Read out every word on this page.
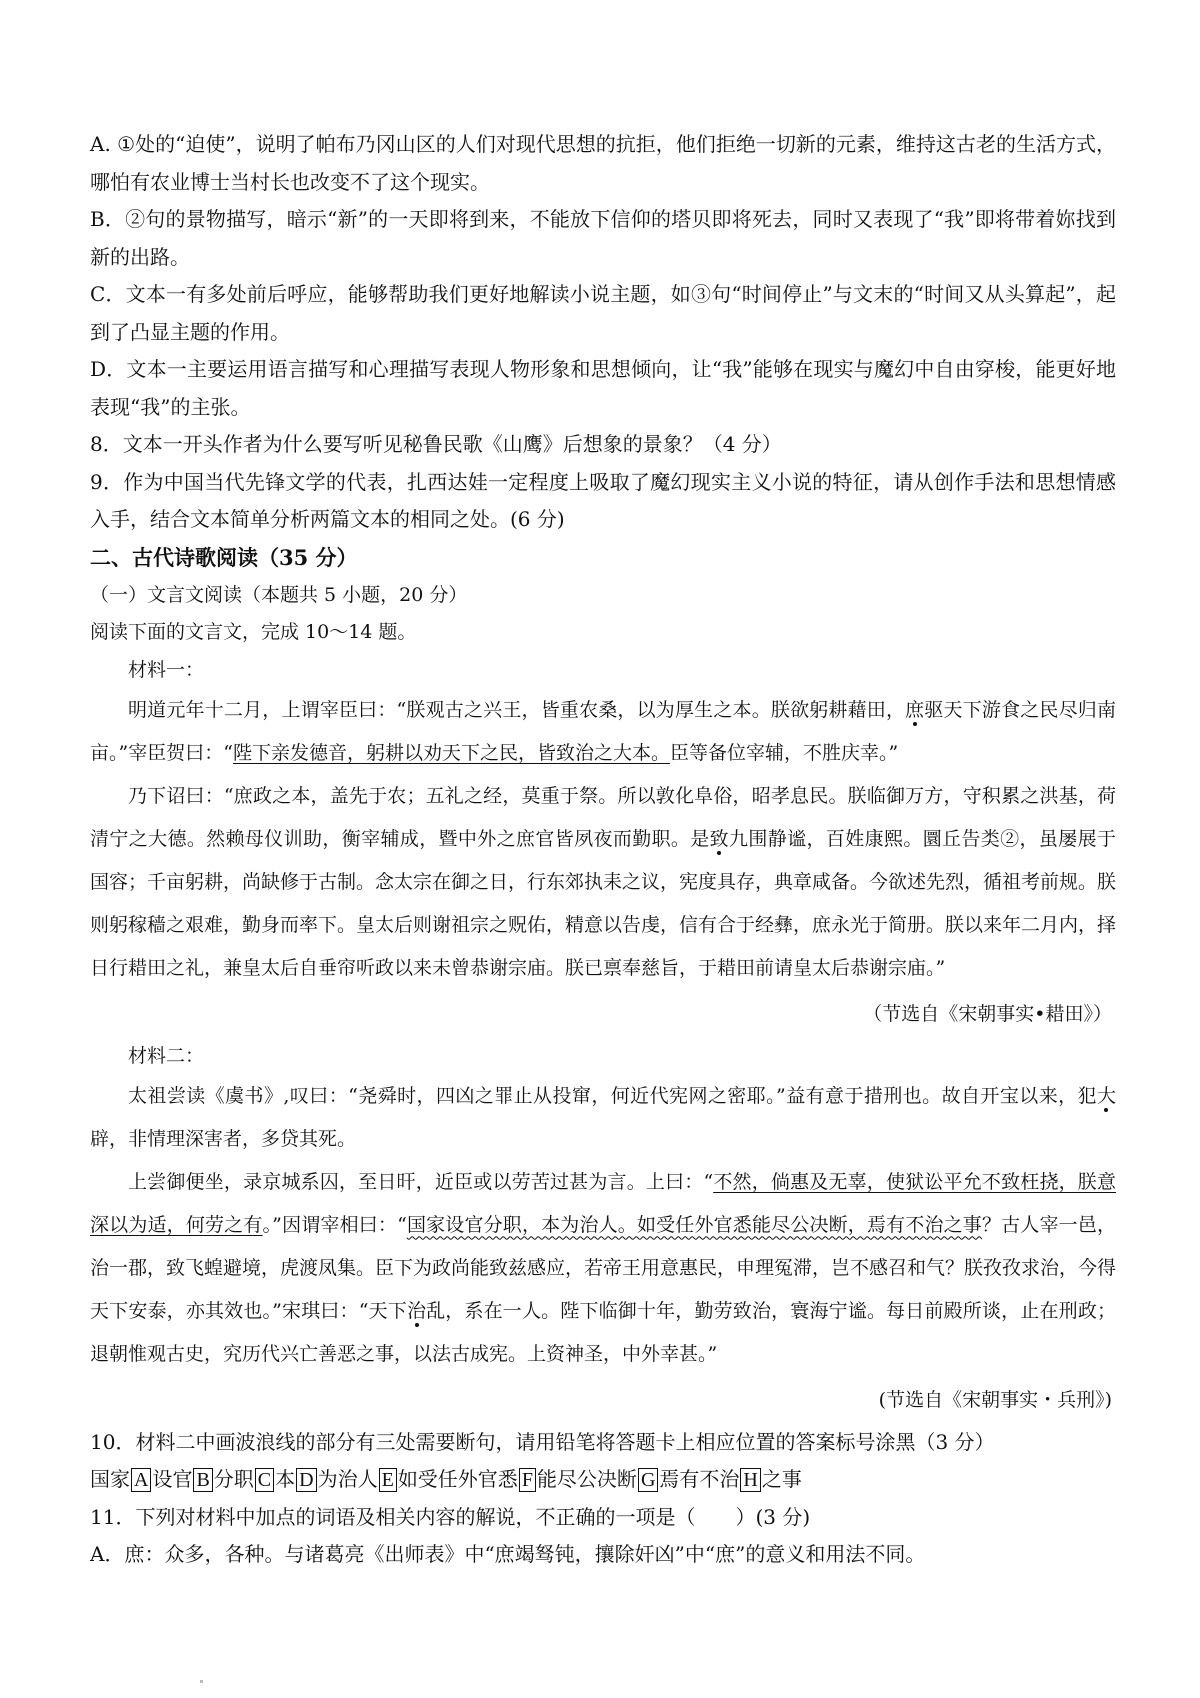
A. ①处的“迫使”，说明了帕布乃冈山区的人们对现代思想的抗拒，他们拒绝一切新的元素，维持这古老的生活方式，哪怕有农业博士当村长也改变不了这个现实。

B．②句的景物描写，暗示“新”的一天即将到来，不能放下信仰的塔贝即将死去，同时又表现了“我”即将带着妳找到新的出路。

C．文本一有多处前后呼应，能够帮助我们更好地解读小说主题，如③句“时间停止”与文末的“时间又从头算起”，起到了凸显主题的作用。

D．文本一主要运用语言描写和心理描写表现人物形象和思想倾向，让“我”能够在现实与魔幻中自由穿梭，能更好地表现“我”的主张。

8．文本一开头作者为什么要写听见秘鲁民歌《山鹰》后想象的景象？（4 分）

9．作为中国当代先锋文学的代表，扎西达娃一定程度上吸取了魔幻现实主义小说的特征，请从创作手法和思想情感入手，结合文本简单分析两篇文本的相同之处。(6 分)

二、古代诗歌阅读（35 分）

（一）文言文阅读（本题共 5 小题，20 分）

阅读下面的文言文，完成 10～14 题。

材料一：

明道元年十二月，上谓宰臣曰：“朕观古之兴王，皆重农桑，以为厚生之本。朕欲躬耕藉田，庶驱天下游食之民尽归南亩。”宰臣贺曰：“陛下亲发德音，躬耕以劝天下之民，皆致治之大本。臣等备位宰辅，不胜庆幸。”

乃下诏曰：“庶政之本，盖先于农；五礼之经，莫重于祭。所以敦化阜俗，昭孝息民。朕临御万方，守积累之洪基，荷清宁之大德。然赖母仪训助，衡宰辅成，暨中外之庶官皆夙夜而勤职。是致九围静谧，百姓康熙。圜丘告类②，虽屡展于国容；千亩躬耕，尚缺修于古制。念太宗在御之日，行东郊执耒之议，宪度具存，典章咸备。今欲述先烈，循祖考前规。朕则躬稼穑之艰难，勤身而率下。皇太后则谢祖宗之贶佑，精意以告虔，信有合于经彝，庶永光于简册。朕以来年二月内，择日行耤田之礼，兼皇太后自垂帘听政以来未曾恭谢宗庙。朕已禀奉慈旨，于耤田前请皇太后恭谢宗庙。”

（节选自《宋朝事实•耤田》）

材料二：

太祖尝读《虞书》,叹曰：“尧舜时，四凶之罪止从投窜，何近代宪网之密耶。”益有意于措刑也。故自开宝以来，犯大辟，非情理深害者，多贷其死。

上尝御便坐，录京城系囚，至日旰，近臣或以劳苦过甚为言。上曰：“不然，倘惠及无辜，使狱讼平允不致枉挠，朕意深以为适，何劳之有。”因谓宰相曰：“国家设官分职，本为治人。如受任外官悉能尽公决断，焉有不治之事？古人宰一邑，治一郡，致飞蝗避境，虎渡凤集。臣下为政尚能致兹感应，若帝王用意惠民，申理冤滞，岂不感召和气？朕孜孜求治，今得天下安泰，亦其效也。”宋琪曰：“天下治乱，系在一人。陛下临御十年，勤劳致治，寰海宁谧。每日前殿所谈，止在刑政；退朝惟观古史，究历代兴亡善恶之事，以法古成宪。上资神圣，中外幸甚。”

(节选自《宋朝事实・兵刑》)

10．材料二中画波浪线的部分有三处需要断句，请用铅笔将答题卡上相应位置的答案标号涂黑（3 分）

国家 A 设官 B 分职 C 本 D 为治人 E 如受任外官悉 F 能尽公决断 G 焉有不治 H 之事

11．下列对材料中加点的词语及相关内容的解说，不正确的一项是（　　）(3 分)

A．庶：众多，各种。与诸葛亮《出师表》中“庶竭驽钝，攘除奸凶”中“庶”的意义和用法不同。
